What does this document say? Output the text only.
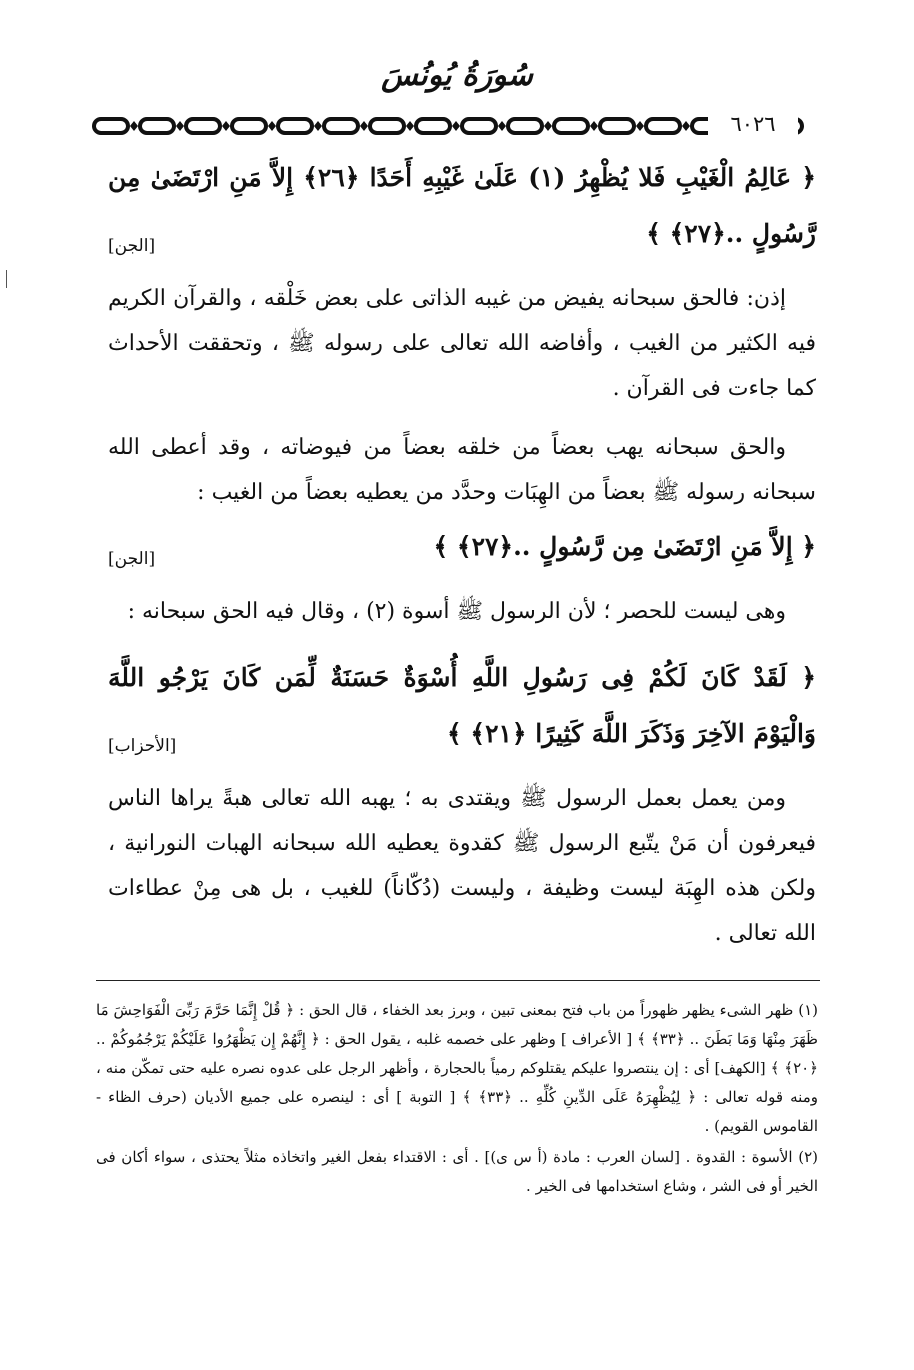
سُورَةُ يُونُسَ
٦٠٢٦
﴿ عَالِمُ الْغَيْبِ فَلا يُظْهِرُ (١) عَلَىٰ غَيْبِهِ أَحَدًا ﴿٢٦﴾ إِلاَّ مَنِ ارْتَضَىٰ مِن رَّسُولٍ ..﴿٢٧﴾ ﴾
[الجن]

إذن: فالحق سبحانه يفيض من غيبه الذاتى على بعض خَلْقه ، والقرآن الكريم فيه الكثير من الغيب ، وأفاضه الله تعالى على رسوله ﷺ ، وتحققت الأحداث كما جاءت فى القرآن .

والحق سبحانه يهب بعضاً من خلقه بعضاً من فيوضاته ، وقد أعطى الله سبحانه رسوله ﷺ بعضاً من الهِبَات وحدَّد من يعطيه بعضاً من الغيب :

﴿ إِلاَّ مَنِ ارْتَضَىٰ مِن رَّسُولٍ ..﴿٢٧﴾ ﴾
[الجن]

وهى ليست للحصر ؛ لأن الرسول ﷺ أسوة (٢) ، وقال فيه الحق سبحانه :

﴿ لَقَدْ كَانَ لَكُمْ فِى رَسُولِ اللَّهِ أُسْوَةٌ حَسَنَةٌ لِّمَن كَانَ يَرْجُو اللَّهَ وَالْيَوْمَ الآخِرَ وَذَكَرَ اللَّهَ كَثِيرًا ﴿٢١﴾ ﴾
[الأحزاب]

ومن يعمل بعمل الرسول ﷺ ويقتدى به ؛ يهبه الله تعالى هبةً يراها الناس فيعرفون أن مَنْ يتّبع الرسول ﷺ كقدوة يعطيه الله سبحانه الهبات النورانية ، ولكن هذه الهِبَة ليست وظيفة ، وليست (دُكّاناً) للغيب ، بل هى مِنْ عطاءات الله تعالى .

(١) ظهر الشىء يظهر ظهوراً من باب فتح بمعنى تبين ، وبرز بعد الخفاء ، قال الحق : ﴿ قُلْ إِنَّمَا حَرَّمَ رَبِّىَ الْفَوَاحِشَ مَا ظَهَرَ مِنْهَا وَمَا بَطَنَ .. ﴿٣٣﴾ ﴾ [ الأعراف ] وظهر على خصمه غلبه ، يقول الحق : ﴿ إِنَّهُمْ إِن يَظْهَرُوا عَلَيْكُمْ يَرْجُمُوكُمْ .. ﴿٢٠﴾ ﴾ [الكهف] أى : إن ينتصروا عليكم يقتلوكم رمياً بالحجارة ، وأظهر الرجل على عدوه نصره عليه حتى تمكّن منه ، ومنه قوله تعالى : ﴿ لِيُظْهِرَهُ عَلَى الدِّينِ كُلِّهِ .. ﴿٣٣﴾ ﴾ [ التوبة ] أى : لينصره على جميع الأديان (حرف الظاء - القاموس القويم) .

(٢) الأسوة : القدوة . [لسان العرب : مادة (أ س ى)] . أى : الاقتداء بفعل الغير واتخاذه مثلاً يحتذى ، سواء أكان فى الخير أو فى الشر ، وشاع استخدامها فى الخير .
